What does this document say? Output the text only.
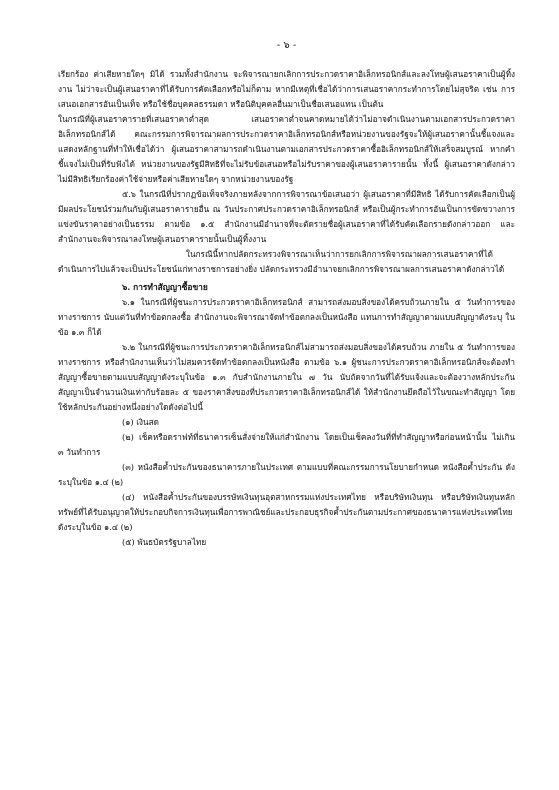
- ๖ -

เรียกร้อง ค่าเสียหายใดๆ มิได้ รวมทั้งสำนักงาน จะพิจารณายกเลิกการประกวดราคาอิเล็กทรอนิกส์และลงโทษผู้เสนอราคาเป็นผู้ทิ้งงาน ไม่ว่าจะเป็นผู้เสนอราคาที่ได้รับการคัดเลือกหรือไม่ก็ตาม หากมีเหตุที่เชื่อได้ว่าการเสนอราคากระทำการโดยไม่สุจริต เช่น การเสนอเอกสารอันเป็นเท็จ หรือใช้ชื่อบุคคลธรรมดา หรือนิติบุคคลอื่นมาเป็นชื่อเสนอแทน เป็นต้น

ในกรณีที่ผู้เสนอราคารายที่เสนอราคาต่ำสุด เสนอราคาต่ำจนคาดหมายได้ว่าไม่อาจดำเนินงานตามเอกสารประกวดราคาอิเล็กทรอนิกส์ได้ คณะกรรมการพิจารณาผลการประกวดราคาอิเล็กทรอนิกส์หรือหน่วยงานของรัฐจะให้ผู้เสนอราคานั้นชี้แจงและแสดงหลักฐานที่ทำให้เชื่อได้ว่า ผู้เสนอราคาสามารถดำเนินงานตามเอกสารประกวดราคาซื้ออิเล็กทรอนิกส์ให้เสร็จสมบูรณ์ หากคำชี้แจงไม่เป็นที่รับฟังได้ หน่วยงานของรัฐมีสิทธิที่จะไม่รับข้อเสนอหรือไม่รับราคาของผู้เสนอราคารายนั้น ทั้งนี้ ผู้เสนอราคาดังกล่าวไม่มีสิทธิเรียกร้องค่าใช้จ่ายหรือค่าเสียหายใดๆ จากหน่วยงานของรัฐ

๕.๖ ในกรณีที่ปรากฏข้อเท็จจริงภายหลังจากการพิจารณาข้อเสนอว่า ผู้เสนอราคาที่มีสิทธิ ได้รับการคัดเลือกเป็นผู้มีผลประโยชน์ร่วมกันกับผู้เสนอราคารายอื่น ณ วันประกาศประกวดราคาอิเล็กทรอนิกส์ หรือเป็นผู้กระทำการอันเป็นการขัดขวางการแข่งขันราคาอย่างเป็นธรรม ตามข้อ ๑.๕ สำนักงานมีอำนาจที่จะตัดรายชื่อผู้เสนอราคาที่ได้รับคัดเลือกรายดังกล่าวออก และสำนักงานจะพิจารณาลงโทษผู้เสนอราคารายนั้นเป็นผู้ทิ้งงาน

ในกรณีนี้หากปลัดกระทรวงพิจารณาเห็นว่าการยกเลิกการพิจารณาผลการเสนอราคาที่ได้ดำเนินการไปแล้วจะเป็นประโยชน์แก่ทางราชการอย่างยิ่ง ปลัดกระทรวงมีอำนาจยกเลิกการพิจารณาผลการเสนอราคาดังกล่าวได้

๖. การทำสัญญาซื้อขาย

๖.๑ ในกรณีที่ผู้ชนะการประกวดราคาอิเล็กทรอนิกส์ สามารถส่งมอบสิ่งของได้ครบถ้วนภายใน ๕ วันทำการของทางราชการ นับแต่วันที่ทำข้อตกลงซื้อ สำนักงานจะพิจารณาจัดทำข้อตกลงเป็นหนังสือ แทนการทำสัญญาตามแบบสัญญาดังระบุ ในข้อ ๑.๓ ก็ได้

๖.๒ ในกรณีที่ผู้ชนะการประกวดราคาอิเล็กทรอนิกส์ไม่สามารถส่งมอบสิ่งของได้ครบถ้วน ภายใน ๕ วันทำการของทางราชการ หรือสำนักงานเห็นว่าไม่สมควรจัดทำข้อตกลงเป็นหนังสือ ตามข้อ ๖.๑ ผู้ชนะการประกวดราคาอิเล็กทรอนิกส์จะต้องทำสัญญาซื้อขายตามแบบสัญญาดังระบุในข้อ ๑.๓ กับสำนักงานภายใน ๗ วัน นับถัดจากวันที่ได้รับแจ้งและจะต้องวางหลักประกันสัญญาเป็นจำนวนเงินเท่ากับร้อยละ ๕ ของราคาสิ่งของที่ประกวดราคาอิเล็กทรอนิกส์ได้ ให้สำนักงานยึดถือไว้ในขณะทำสัญญา โดยใช้หลักประกันอย่างหนึ่งอย่างใดดังต่อไปนี้

(๑) เงินสด

(๒) เช็คหรือดราฟท์ที่ธนาคารเซ็นสั่งจ่ายให้แก่สำนักงาน โดยเป็นเช็คลงวันที่ที่ทำสัญญาหรือก่อนหน้านั้น ไม่เกิน ๓ วันทำการ

(๓) หนังสือค้ำประกันของธนาคารภายในประเทศ ตามแบบที่คณะกรรมการนโยบายกำหนด หนังสือค้ำประกัน ดังระบุในข้อ ๑.๔ (๒)

(๔) หนังสือค้ำประกันของบรรษัทเงินทุนอุตสาหกรรมแห่งประเทศไทย หรือบริษัทเงินทุน หรือบริษัทเงินทุนหลักทรัพย์ที่ได้รับอนุญาตให้ประกอบกิจการเงินทุนเพื่อการพาณิชย์และประกอบธุรกิจค้ำประกันตามประกาศของธนาคารแห่งประเทศไทย ดังระบุในข้อ ๑.๔ (๒)

(๕) พันธบัตรรัฐบาลไทย
